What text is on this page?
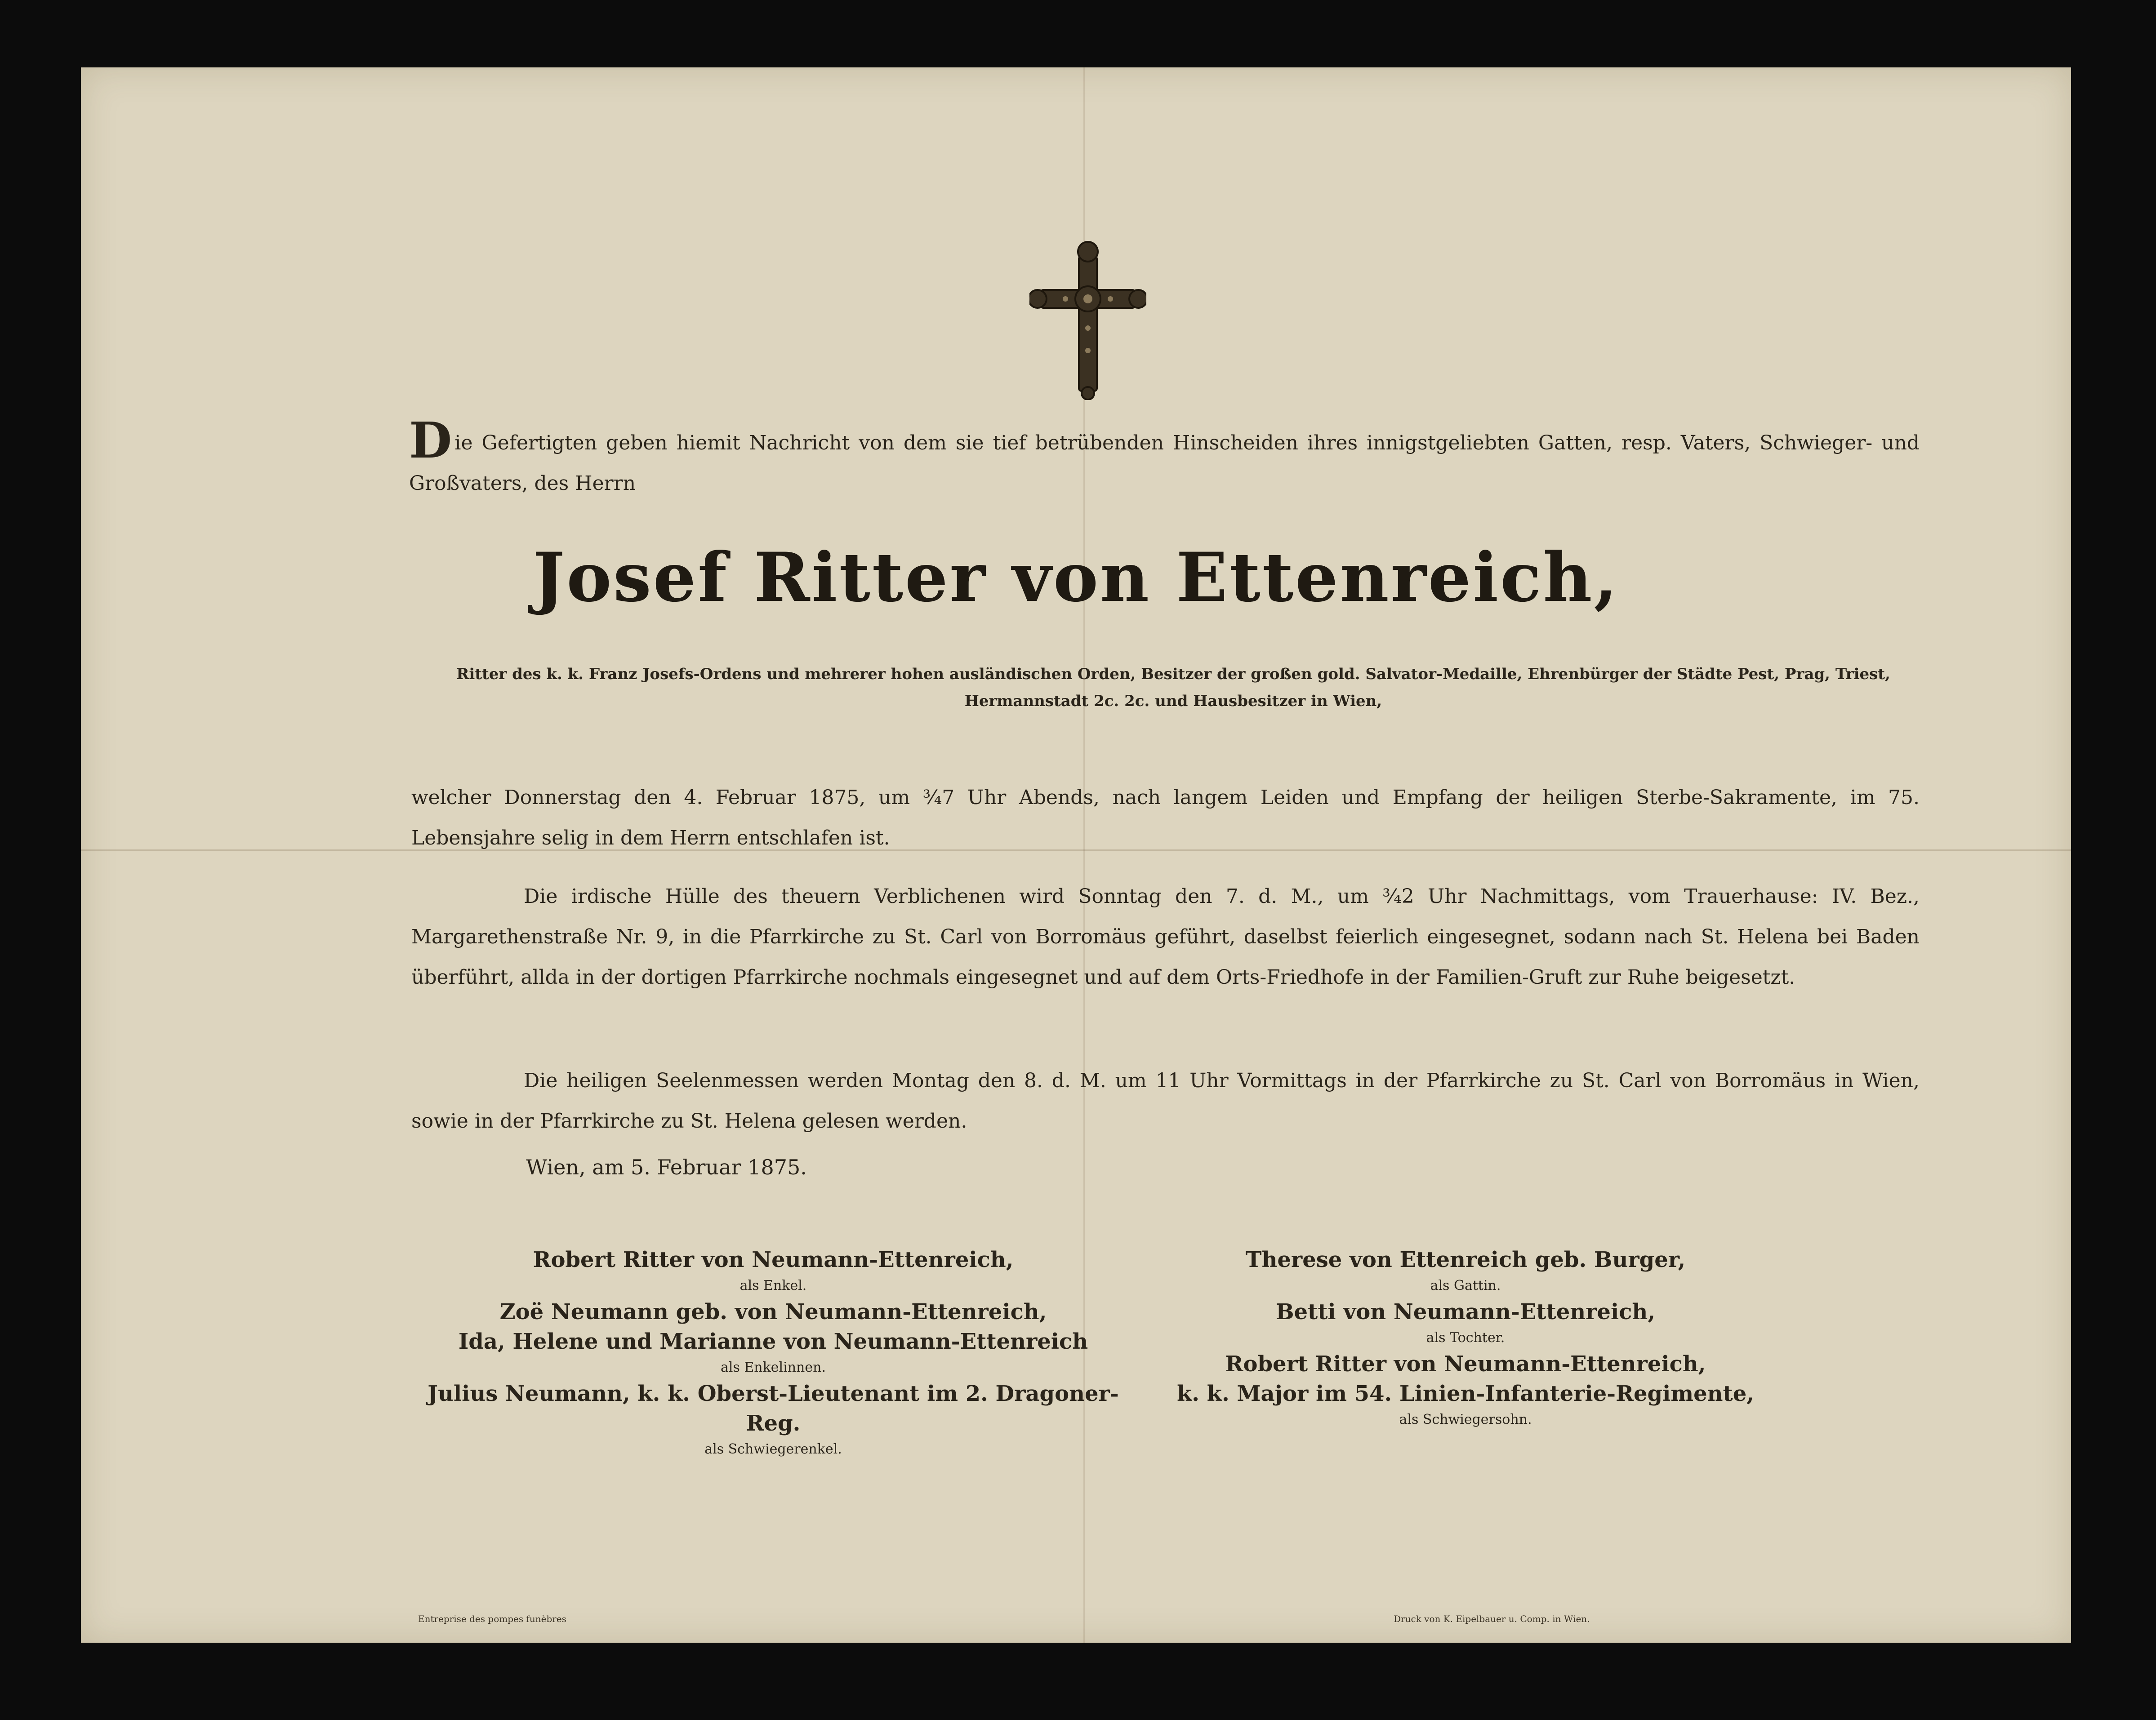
Die Gefertigten geben hiemit Nachricht von dem sie tief betrübenden Hinscheiden ihres innigstgeliebten Gatten, resp. Vaters, Schwieger- und Großvaters, des Herrn
Josef Ritter von Ettenreich,
Ritter des k. k. Franz Josefs-Ordens und mehrerer hohen ausländischen Orden, Besitzer der großen gold. Salvator-Medaille, Ehrenbürger der Städte Pest, Prag, Triest, Hermannstadt 2c. 2c. und Hausbesitzer in Wien,
welcher Donnerstag den 4. Februar 1875, um ¾7 Uhr Abends, nach langem Leiden und Empfang der heiligen Sterbe-Sakramente, im 75. Lebensjahre selig in dem Herrn entschlafen ist.
Die irdische Hülle des theuern Verblichenen wird Sonntag den 7. d. M., um ¾2 Uhr Nachmittags, vom Trauerhause: IV. Bez., Margarethenstraße Nr. 9, in die Pfarrkirche zu St. Carl von Borromäus geführt, daselbst feierlich eingesegnet, sodann nach St. Helena bei Baden überführt, allda in der dortigen Pfarrkirche nochmals eingesegnet und auf dem Orts-Friedhofe in der Familien-Gruft zur Ruhe beigesetzt.
Die heiligen Seelenmessen werden Montag den 8. d. M. um 11 Uhr Vormittags in der Pfarrkirche zu St. Carl von Borromäus in Wien, sowie in der Pfarrkirche zu St. Helena gelesen werden.
Wien, am 5. Februar 1875.
Robert Ritter von Neumann-Ettenreich,
als Enkel.
Zoë Neumann geb. von Neumann-Ettenreich,
Ida, Helene und Marianne von Neumann-Ettenreich
als Enkelinnen.
Julius Neumann, k. k. Oberst-Lieutenant im 2. Dragoner-Reg.
als Schwiegerenkel.
Therese von Ettenreich geb. Burger,
als Gattin.
Betti von Neumann-Ettenreich,
als Tochter.
Robert Ritter von Neumann-Ettenreich,
k. k. Major im 54. Linien-Infanterie-Regimente,
als Schwiegersohn.
Entreprise des pompes funèbres	Druck von K. Eipelbauer u. Comp. in Wien.
